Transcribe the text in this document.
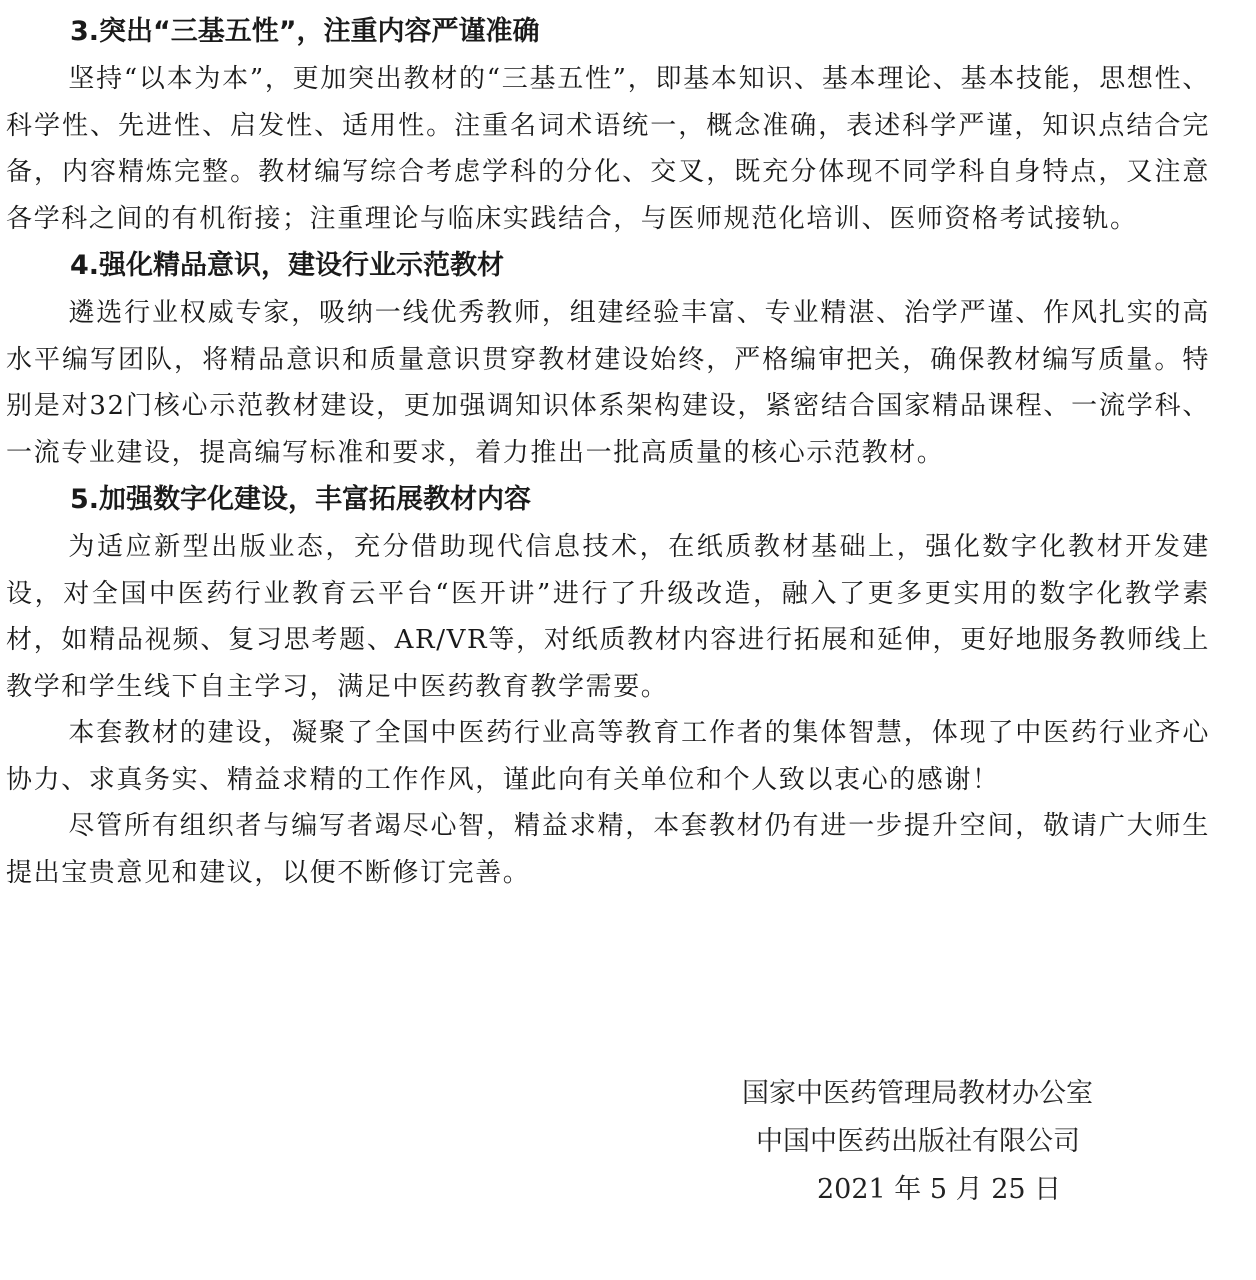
3.突出“三基五性”，注重内容严谨准确

坚持“以本为本”，更加突出教材的“三基五性”，即基本知识、基本理论、基本技能，思想性、科学性、先进性、启发性、适用性。注重名词术语统一，概念准确，表述科学严谨，知识点结合完备，内容精炼完整。教材编写综合考虑学科的分化、交叉，既充分体现不同学科自身特点，又注意各学科之间的有机衔接；注重理论与临床实践结合，与医师规范化培训、医师资格考试接轨。

4.强化精品意识，建设行业示范教材

遴选行业权威专家，吸纳一线优秀教师，组建经验丰富、专业精湛、治学严谨、作风扎实的高水平编写团队，将精品意识和质量意识贯穿教材建设始终，严格编审把关，确保教材编写质量。特别是对32门核心示范教材建设，更加强调知识体系架构建设，紧密结合国家精品课程、一流学科、一流专业建设，提高编写标准和要求，着力推出一批高质量的核心示范教材。

5.加强数字化建设，丰富拓展教材内容

为适应新型出版业态，充分借助现代信息技术，在纸质教材基础上，强化数字化教材开发建设，对全国中医药行业教育云平台“医开讲”进行了升级改造，融入了更多更实用的数字化教学素材，如精品视频、复习思考题、AR/VR等，对纸质教材内容进行拓展和延伸，更好地服务教师线上教学和学生线下自主学习，满足中医药教育教学需要。

本套教材的建设，凝聚了全国中医药行业高等教育工作者的集体智慧，体现了中医药行业齐心协力、求真务实、精益求精的工作作风，谨此向有关单位和个人致以衷心的感谢！

尽管所有组织者与编写者竭尽心智，精益求精，本套教材仍有进一步提升空间，敬请广大师生提出宝贵意见和建议，以便不断修订完善。

国家中医药管理局教材办公室
中国中医药出版社有限公司
2021 年 5 月 25 日
